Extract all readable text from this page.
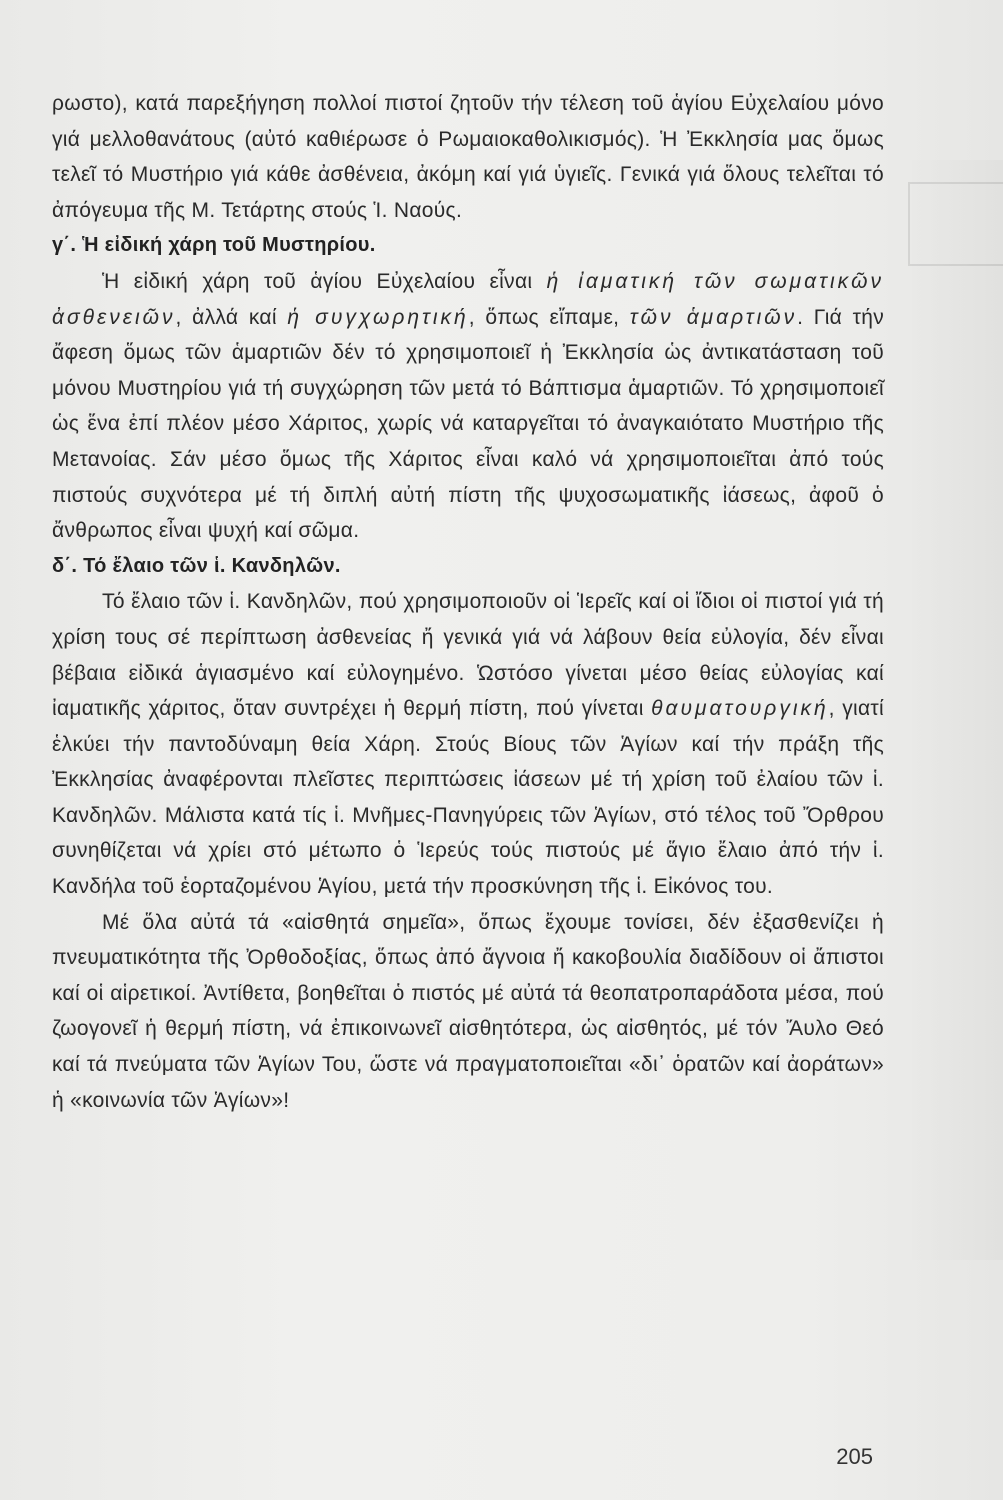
ρωστο), κατά παρεξήγηση πολλοί πιστοί ζητοῦν τήν τέλεση τοῦ ἁγίου Εὐχελαίου μόνο γιά μελλοθανάτους (αὐτό καθιέρωσε ὁ Ρωμαιοκαθολικισμός). Ἡ Ἐκκλησία μας ὅμως τελεῖ τό Μυστήριο γιά κάθε ἀσθένεια, ἀκόμη καί γιά ὑγιεῖς. Γενικά γιά ὅλους τελεῖται τό ἀπόγευμα τῆς Μ. Τετάρτης στούς Ἱ. Ναούς.

γ΄. Ἡ εἰδική χάρη τοῦ Μυστηρίου.

Ἡ εἰδική χάρη τοῦ ἁγίου Εὐχελαίου εἶναι ἡ ἰαματική τῶν σωματικῶν ἀσθενειῶν, ἀλλά καί ἡ συγχωρητική, ὅπως εἴπαμε, τῶν ἁμαρτιῶν. Γιά τήν ἄφεση ὅμως τῶν ἁμαρτιῶν δέν τό χρησιμοποιεῖ ἡ Ἐκκλησία ὡς ἀντικατάσταση τοῦ μόνου Μυστηρίου γιά τή συγχώρηση τῶν μετά τό Βάπτισμα ἁμαρτιῶν. Τό χρησιμοποιεῖ ὡς ἕνα ἐπί πλέον μέσο Χάριτος, χωρίς νά καταργεῖται τό ἀναγκαιότατο Μυστήριο τῆς Μετανοίας. Σάν μέσο ὅμως τῆς Χάριτος εἶναι καλό νά χρησιμοποιεῖται ἀπό τούς πιστούς συχνότερα μέ τή διπλή αὐτή πίστη τῆς ψυχοσωματικῆς ἰάσεως, ἀφοῦ ὁ ἄνθρωπος εἶναι ψυχή καί σῶμα.

δ΄. Τό ἔλαιο τῶν ἱ. Κανδηλῶν.

Τό ἔλαιο τῶν ἱ. Κανδηλῶν, πού χρησιμοποιοῦν οἱ Ἱερεῖς καί οἱ ἴδιοι οἱ πιστοί γιά τή χρίση τους σέ περίπτωση ἀσθενείας ἤ γενικά γιά νά λάβουν θεία εὐλογία, δέν εἶναι βέβαια εἰδικά ἁγιασμένο καί εὐλογημένο. Ὡστόσο γίνεται μέσο θείας εὐλογίας καί ἰαματικῆς χάριτος, ὅταν συντρέχει ἡ θερμή πίστη, πού γίνεται θαυματουργική, γιατί ἑλκύει τήν παντοδύναμη θεία Χάρη. Στούς Βίους τῶν Ἁγίων καί τήν πράξη τῆς Ἐκκλησίας ἀναφέρονται πλεῖστες περιπτώσεις ἰάσεων μέ τή χρίση τοῦ ἐλαίου τῶν ἱ. Κανδηλῶν. Μάλιστα κατά τίς ἱ. Μνῆμες-Πανηγύρεις τῶν Ἁγίων, στό τέλος τοῦ Ὄρθρου συνηθίζεται νά χρίει στό μέτωπο ὁ Ἱερεύς τούς πιστούς μέ ἅγιο ἔλαιο ἀπό τήν ἱ. Κανδήλα τοῦ ἑορταζομένου Ἁγίου, μετά τήν προσκύνηση τῆς ἱ. Εἰκόνος του.

Μέ ὅλα αὐτά τά «αἰσθητά σημεῖα», ὅπως ἔχουμε τονίσει, δέν ἐξασθενίζει ἡ πνευματικότητα τῆς Ὀρθοδοξίας, ὅπως ἀπό ἄγνοια ἤ κακοβουλία διαδίδουν οἱ ἄπιστοι καί οἱ αἱρετικοί. Ἀντίθετα, βοηθεῖται ὁ πιστός μέ αὐτά τά θεοπατροπαράδοτα μέσα, πού ζωογονεῖ ἡ θερμή πίστη, νά ἐπικοινωνεῖ αἰσθητότερα, ὡς αἰσθητός, μέ τόν Ἄυλο Θεό καί τά πνεύματα τῶν Ἁγίων Του, ὥστε νά πραγματοποιεῖται «δι᾽ ὁρατῶν καί ἀοράτων» ἡ «κοινωνία τῶν Ἁγίων»!

205
